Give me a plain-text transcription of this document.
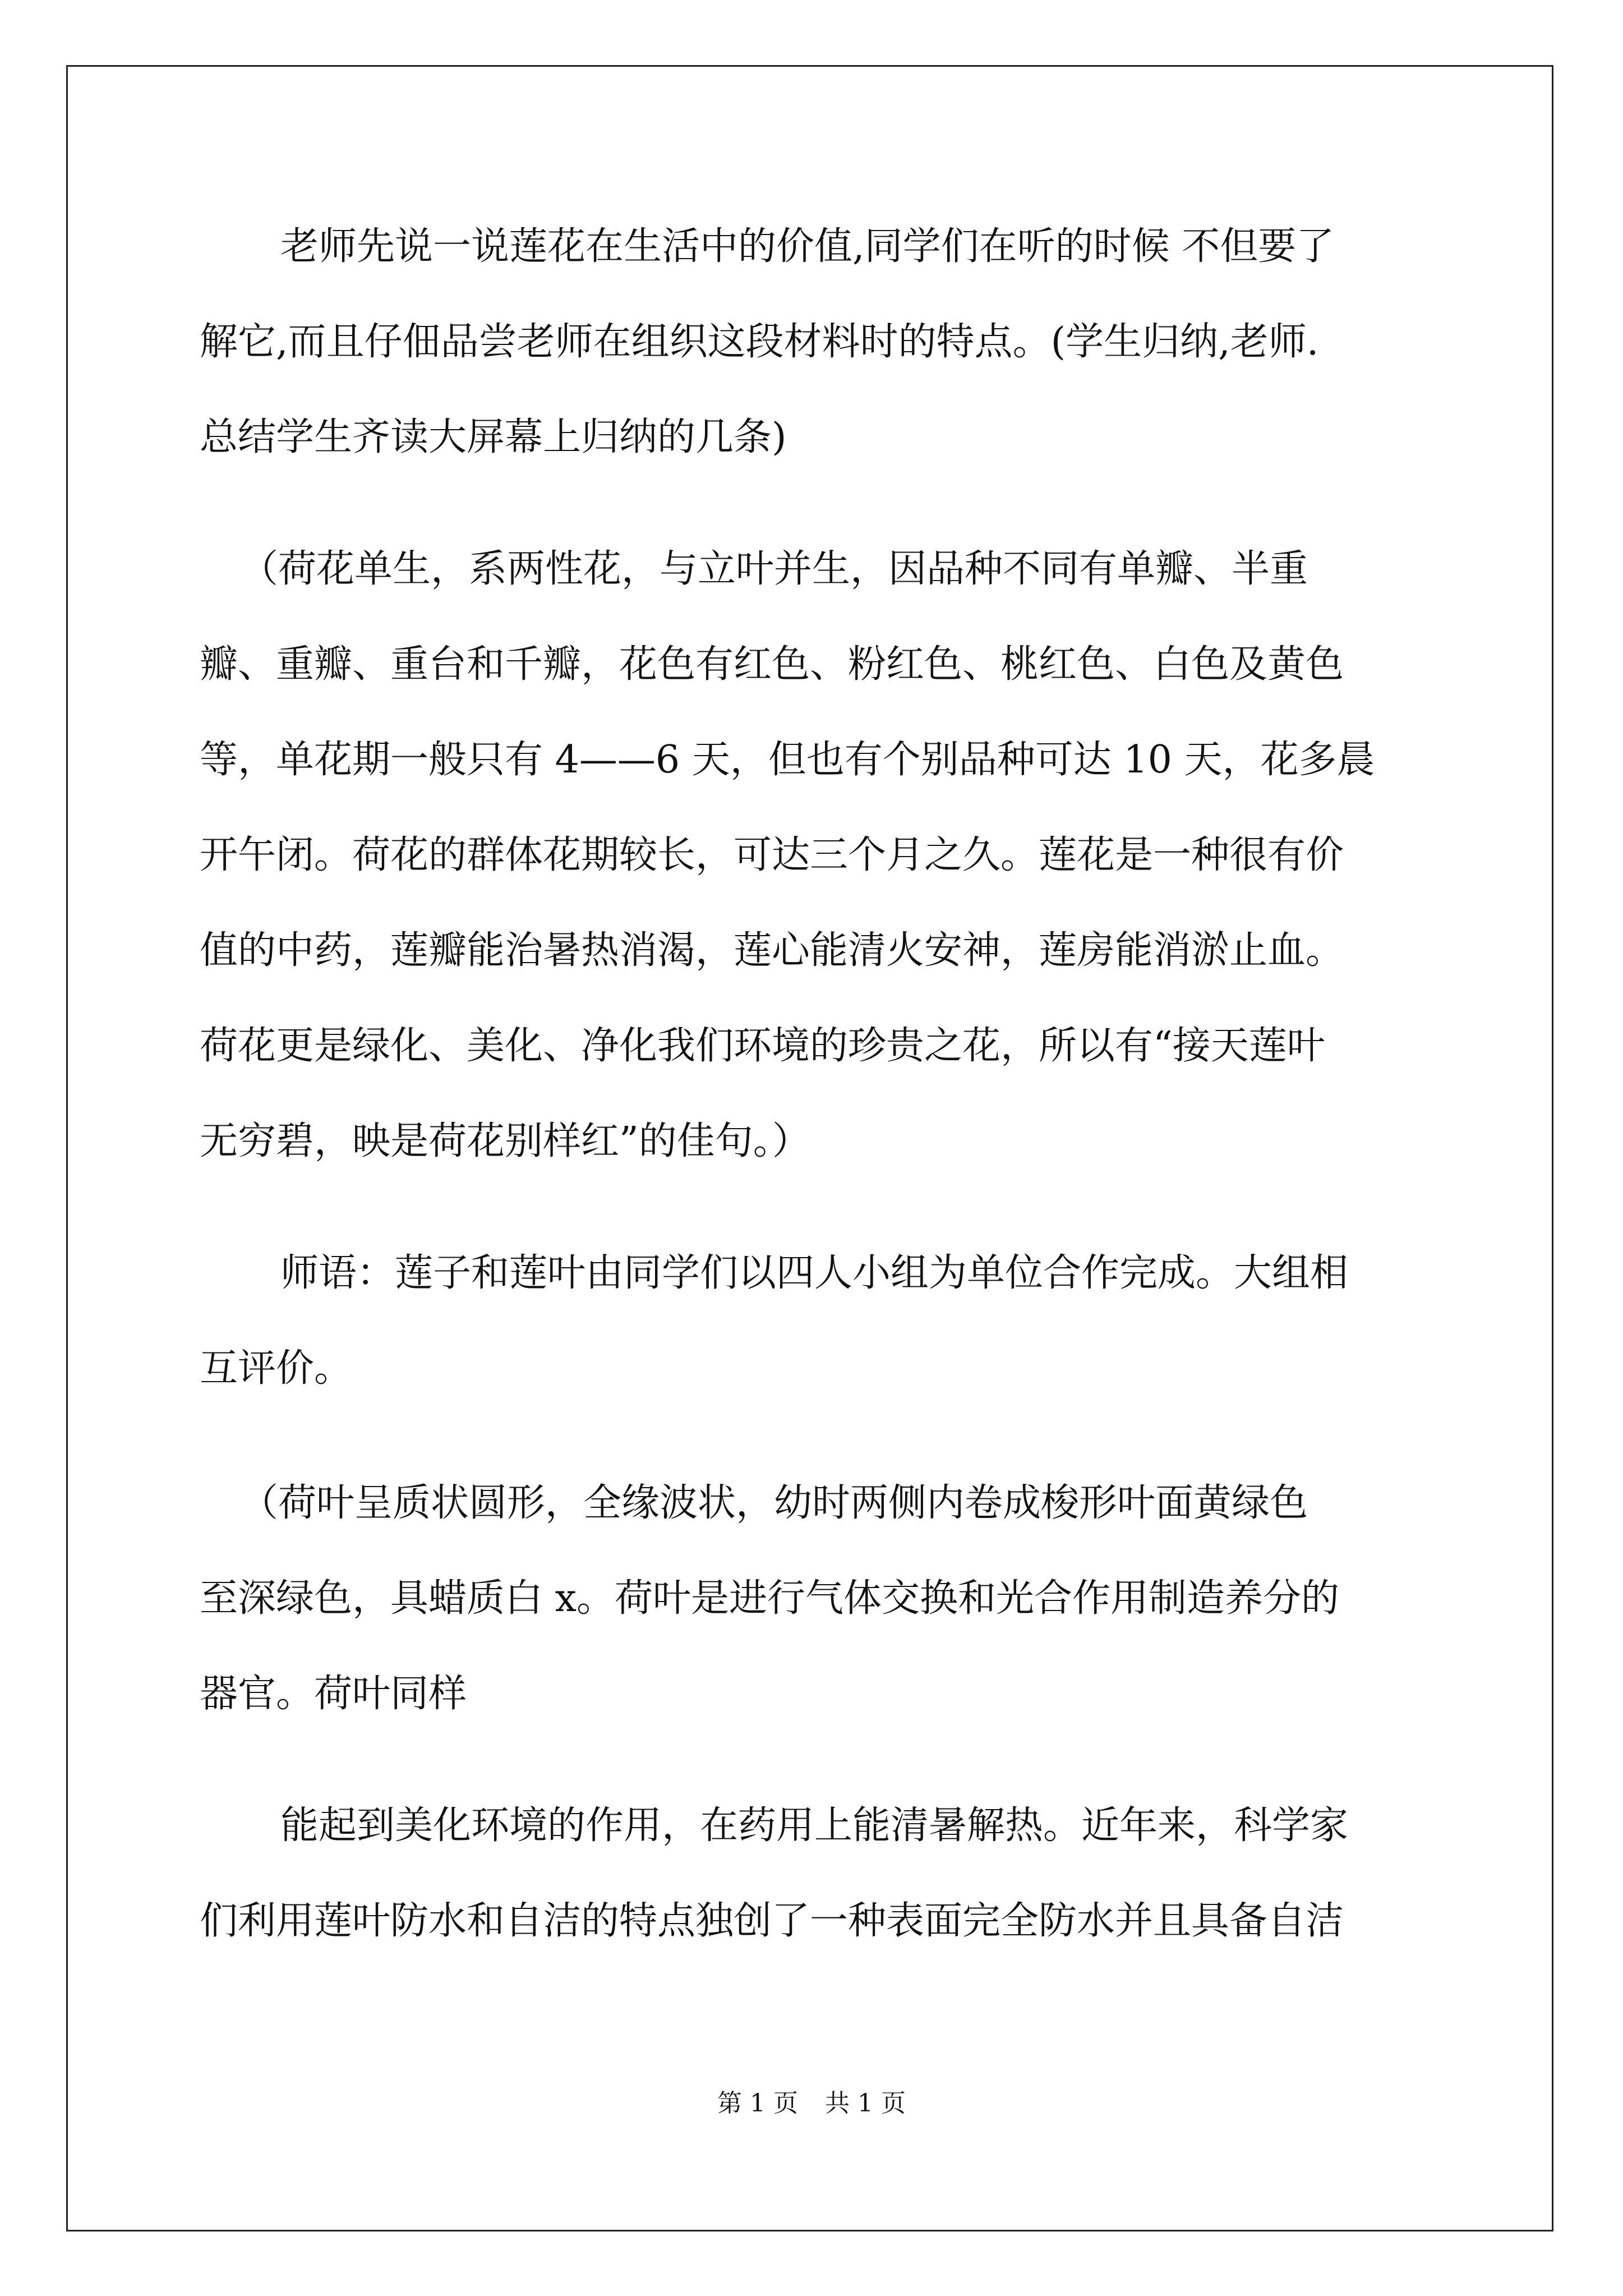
老师先说一说莲花在生活中的价值,同学们在听的时候 不但要了
解它,而且仔佃品尝老师在组织这段材料时的特点。(学生归纳,老师.
总结学生齐读大屏幕上归纳的几条)
（荷花单生，系两性花，与立叶并生，因品种不同有单瓣、半重
瓣、重瓣、重台和千瓣，花色有红色、粉红色、桃红色、白色及黄色
等，单花期一般只有 4——6 天，但也有个别品种可达 10 天，花多晨
开午闭。荷花的群体花期较长，可达三个月之久。莲花是一种很有价
值的中药，莲瓣能治暑热消渴，莲心能清火安神，莲房能消淤止血。
荷花更是绿化、美化、净化我们环境的珍贵之花，所以有“接天莲叶
无穷碧，映是荷花别样红”的佳句。）
师语：莲子和莲叶由同学们以四人小组为单位合作完成。大组相
互评价。
（荷叶呈质状圆形，全缘波状，幼时两侧内卷成梭形叶面黄绿色
至深绿色，具蜡质白 x。荷叶是进行气体交换和光合作用制造养分的
器官。荷叶同样
能起到美化环境的作用，在药用上能清暑解热。近年来，科学家
们利用莲叶防水和自洁的特点独创了一种表面完全防水并且具备自洁
第 1 页 共 1 页
